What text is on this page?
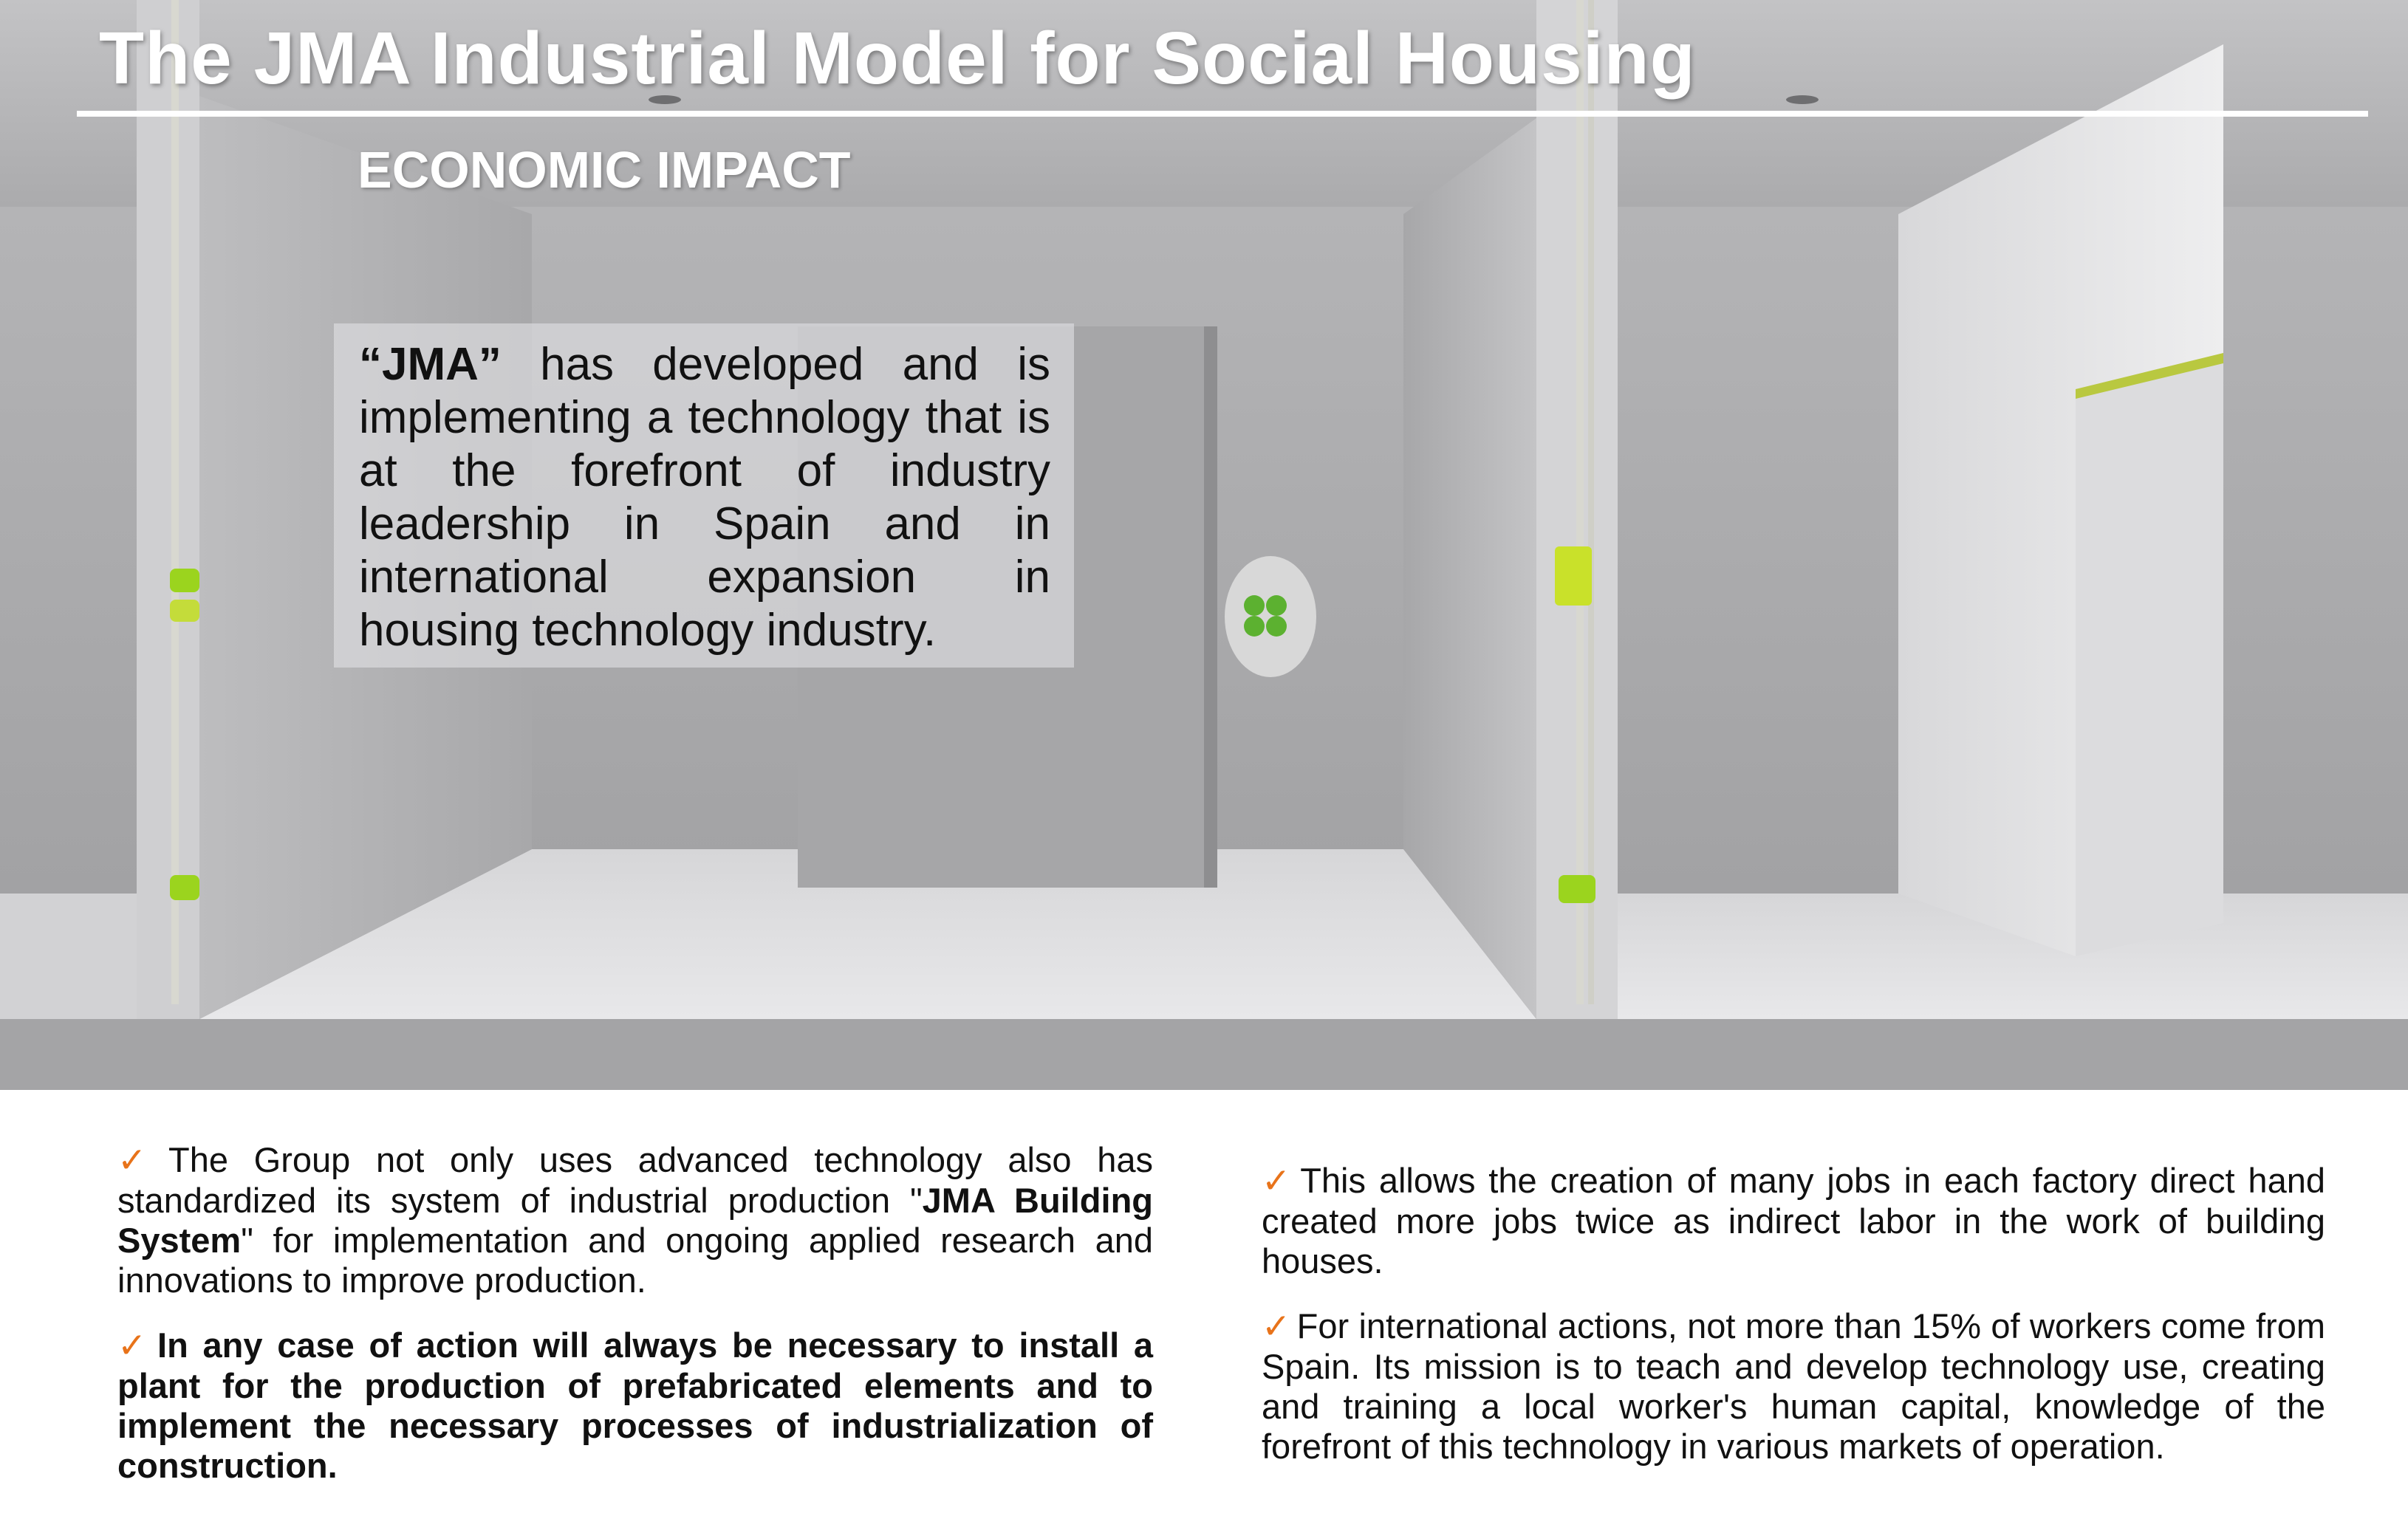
The JMA Industrial Model for Social Housing
ECONOMIC IMPACT

“JMA” has developed and is implementing a technology that is at the forefront of industry leadership in Spain and in international expansion in housing technology industry.

✓ The Group not only uses advanced technology also has standardized its system of industrial production "JMA Building System" for implementation and ongoing applied research and innovations to improve production.

✓ In any case of action will always be necessary to install a plant for the production of prefabricated elements and to implement the necessary processes of industrialization of construction.

✓ This allows the creation of many jobs in each factory direct hand created more jobs twice as indirect labor in the work of building houses.

✓ For international actions, not more than 15% of workers come from Spain. Its mission is to teach and develop technology use, creating and training a local worker's human capital, knowledge of the forefront of this technology in various markets of operation.
